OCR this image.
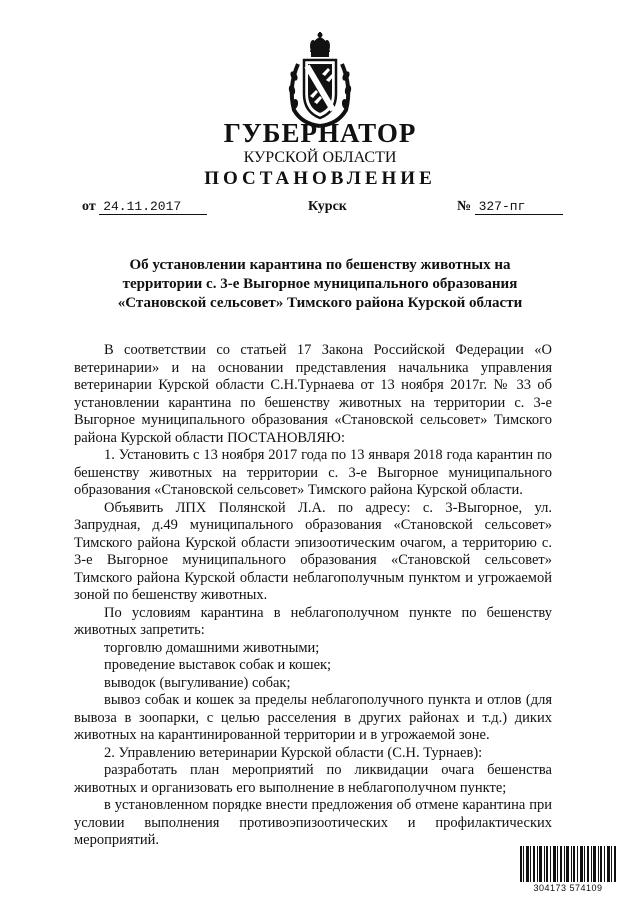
ГУБЕРНАТОР
КУРСКОЙ ОБЛАСТИ
ПОСТАНОВЛЕНИЕ
от 24.11.2017	Курск	№ 327-пг
Об установлении карантина по бешенству животных на территории с. 3-е Выгорное муниципального образования «Становской сельсовет» Тимского района Курской области

В соответствии со статьей 17 Закона Российской Федерации «О ветеринарии» и на основании представления начальника управления ветеринарии Курской области С.Н.Турнаева от 13 ноября 2017г. № 33 об установлении карантина по бешенству животных на территории с. 3-е Выгорное муниципального образования «Становской сельсовет» Тимского района Курской области ПОСТАНОВЛЯЮ:

1. Установить с 13 ноября 2017 года по 13 января 2018 года карантин по бешенству животных на территории с. 3-е Выгорное муниципального образования «Становской сельсовет» Тимского района Курской области.

Объявить ЛПХ Полянской Л.А. по адресу: с. 3-Выгорное, ул. Запрудная, д.49 муниципального образования «Становской сельсовет» Тимского района Курской области эпизоотическим очагом, а территорию с. 3-е Выгорное муниципального образования «Становской сельсовет» Тимского района Курской области неблагополучным пунктом и угрожаемой зоной по бешенству животных.

По условиям карантина в неблагополучном пункте по бешенству животных запретить:

торговлю домашними животными;

проведение выставок собак и кошек;

выводок (выгуливание) собак;

вывоз собак и кошек за пределы неблагополучного пункта и отлов (для вывоза в зоопарки, с целью расселения в других районах и т.д.) диких животных на карантинированной территории и в угрожаемой зоне.

2. Управлению ветеринарии Курской области (С.Н. Турнаев):

разработать план мероприятий по ликвидации очага бешенства животных и организовать его выполнение в неблагополучном пункте;

в установленном порядке внести предложения об отмене карантина при условии выполнения противоэпизоотических и профилактических мероприятий.

304173 574109
